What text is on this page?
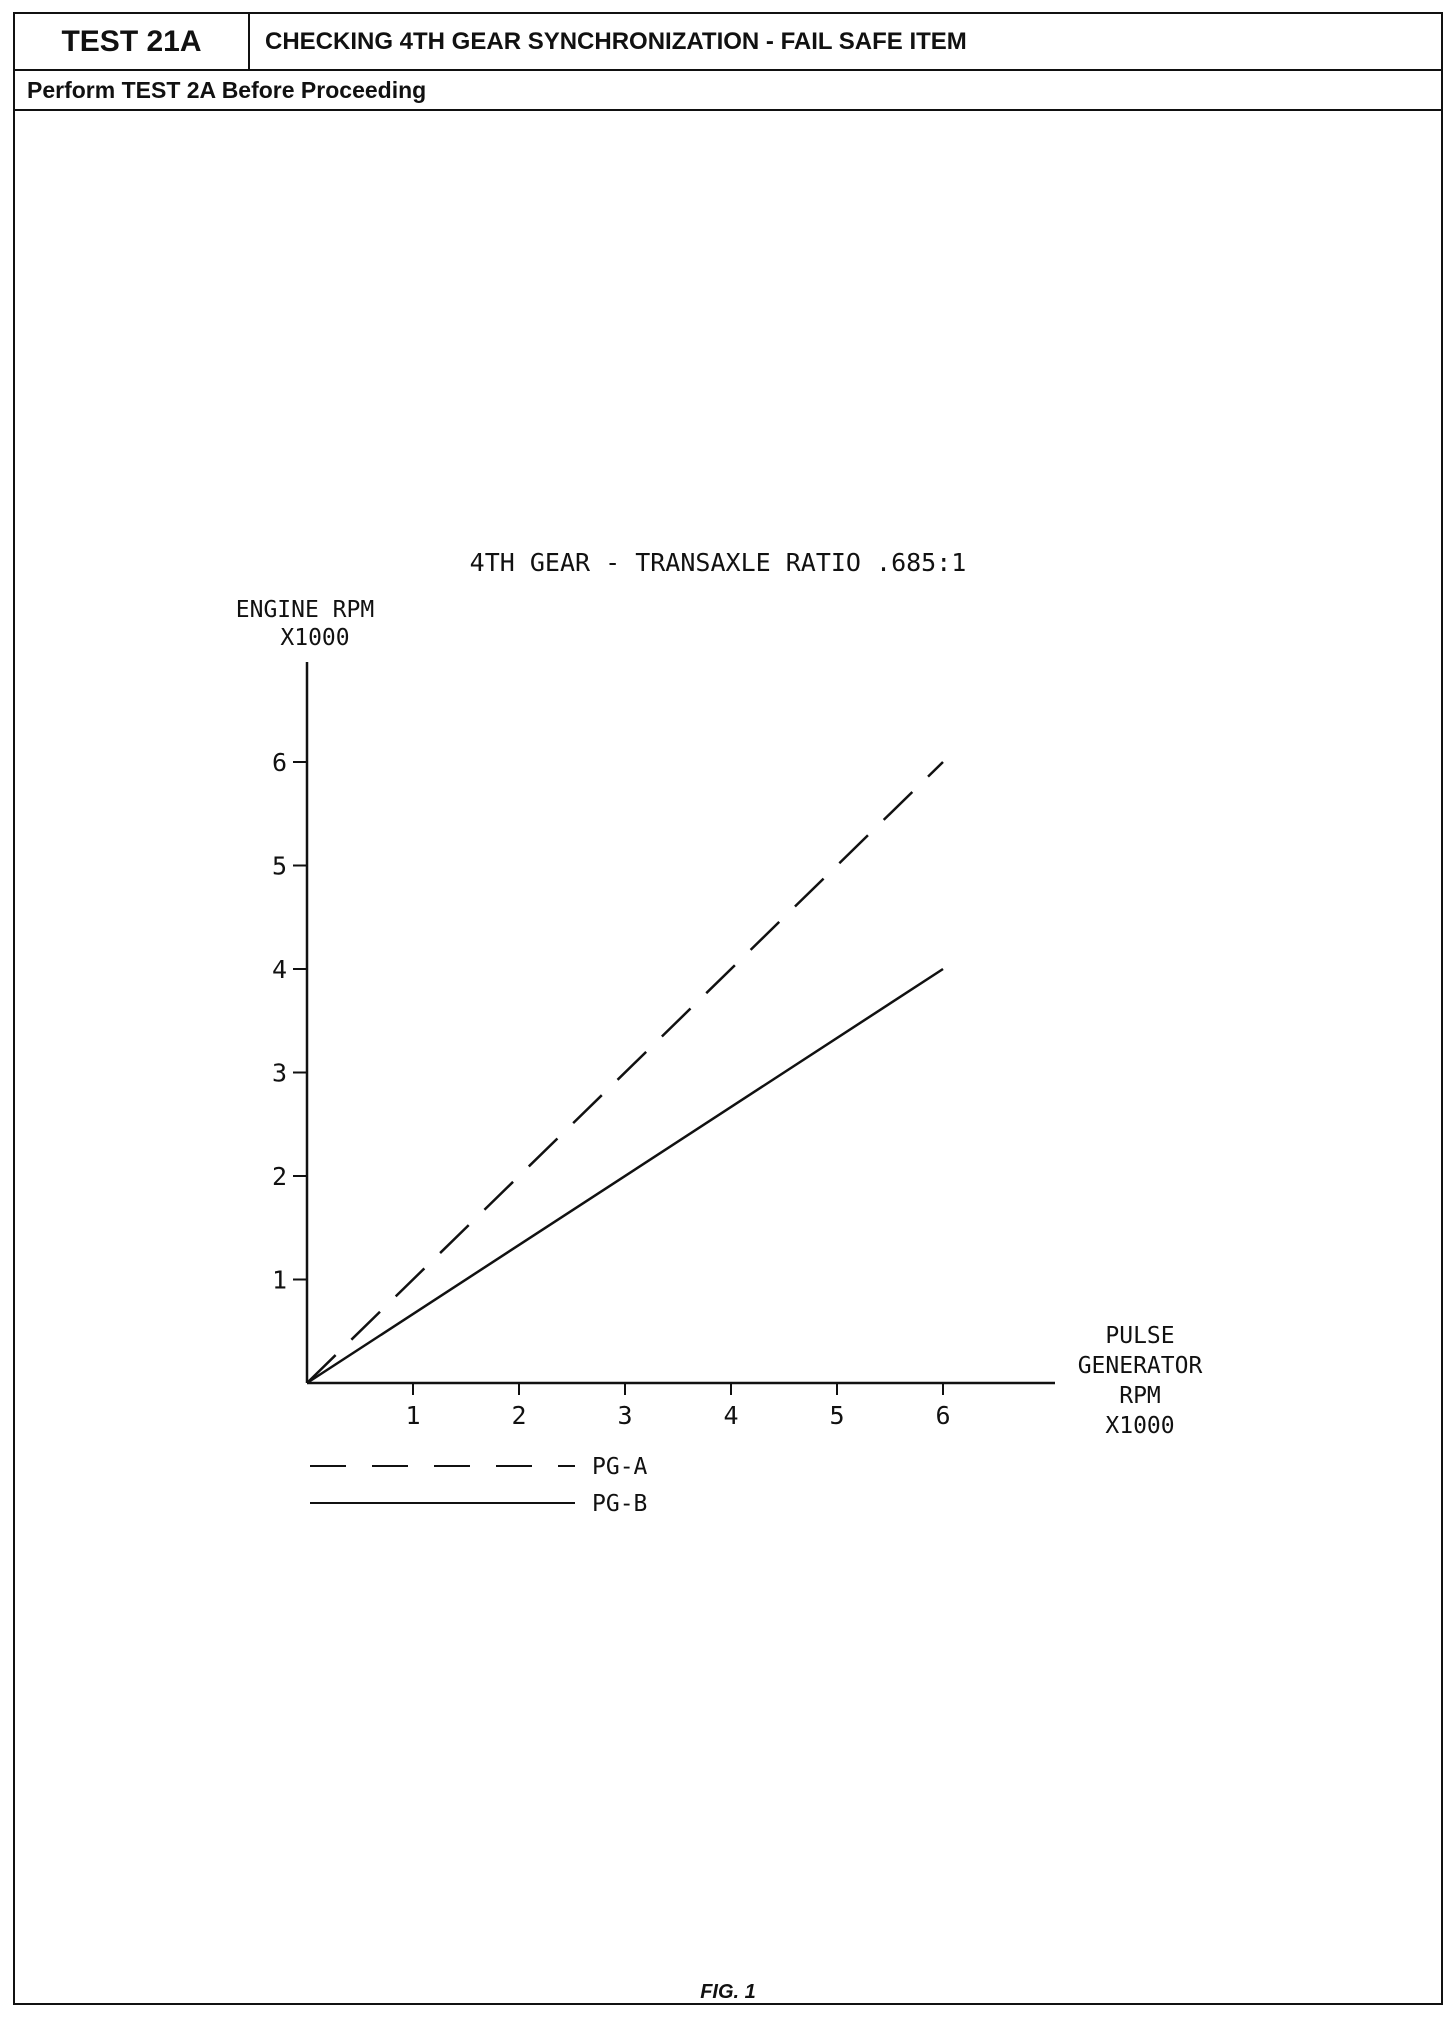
TEST 21A	CHECKING 4TH GEAR SYNCHRONIZATION - FAIL SAFE ITEM
Perform TEST 2A Before Proceeding
FIG. 1
4TH GEAR - TRANSAXLE RATIO .685:1
ENGINE RPM
X1000
PULSE
GENERATOR
RPM
X1000
1	2	3	4	5	6
1
2
3
4
5
6
PG-A
PG-B
